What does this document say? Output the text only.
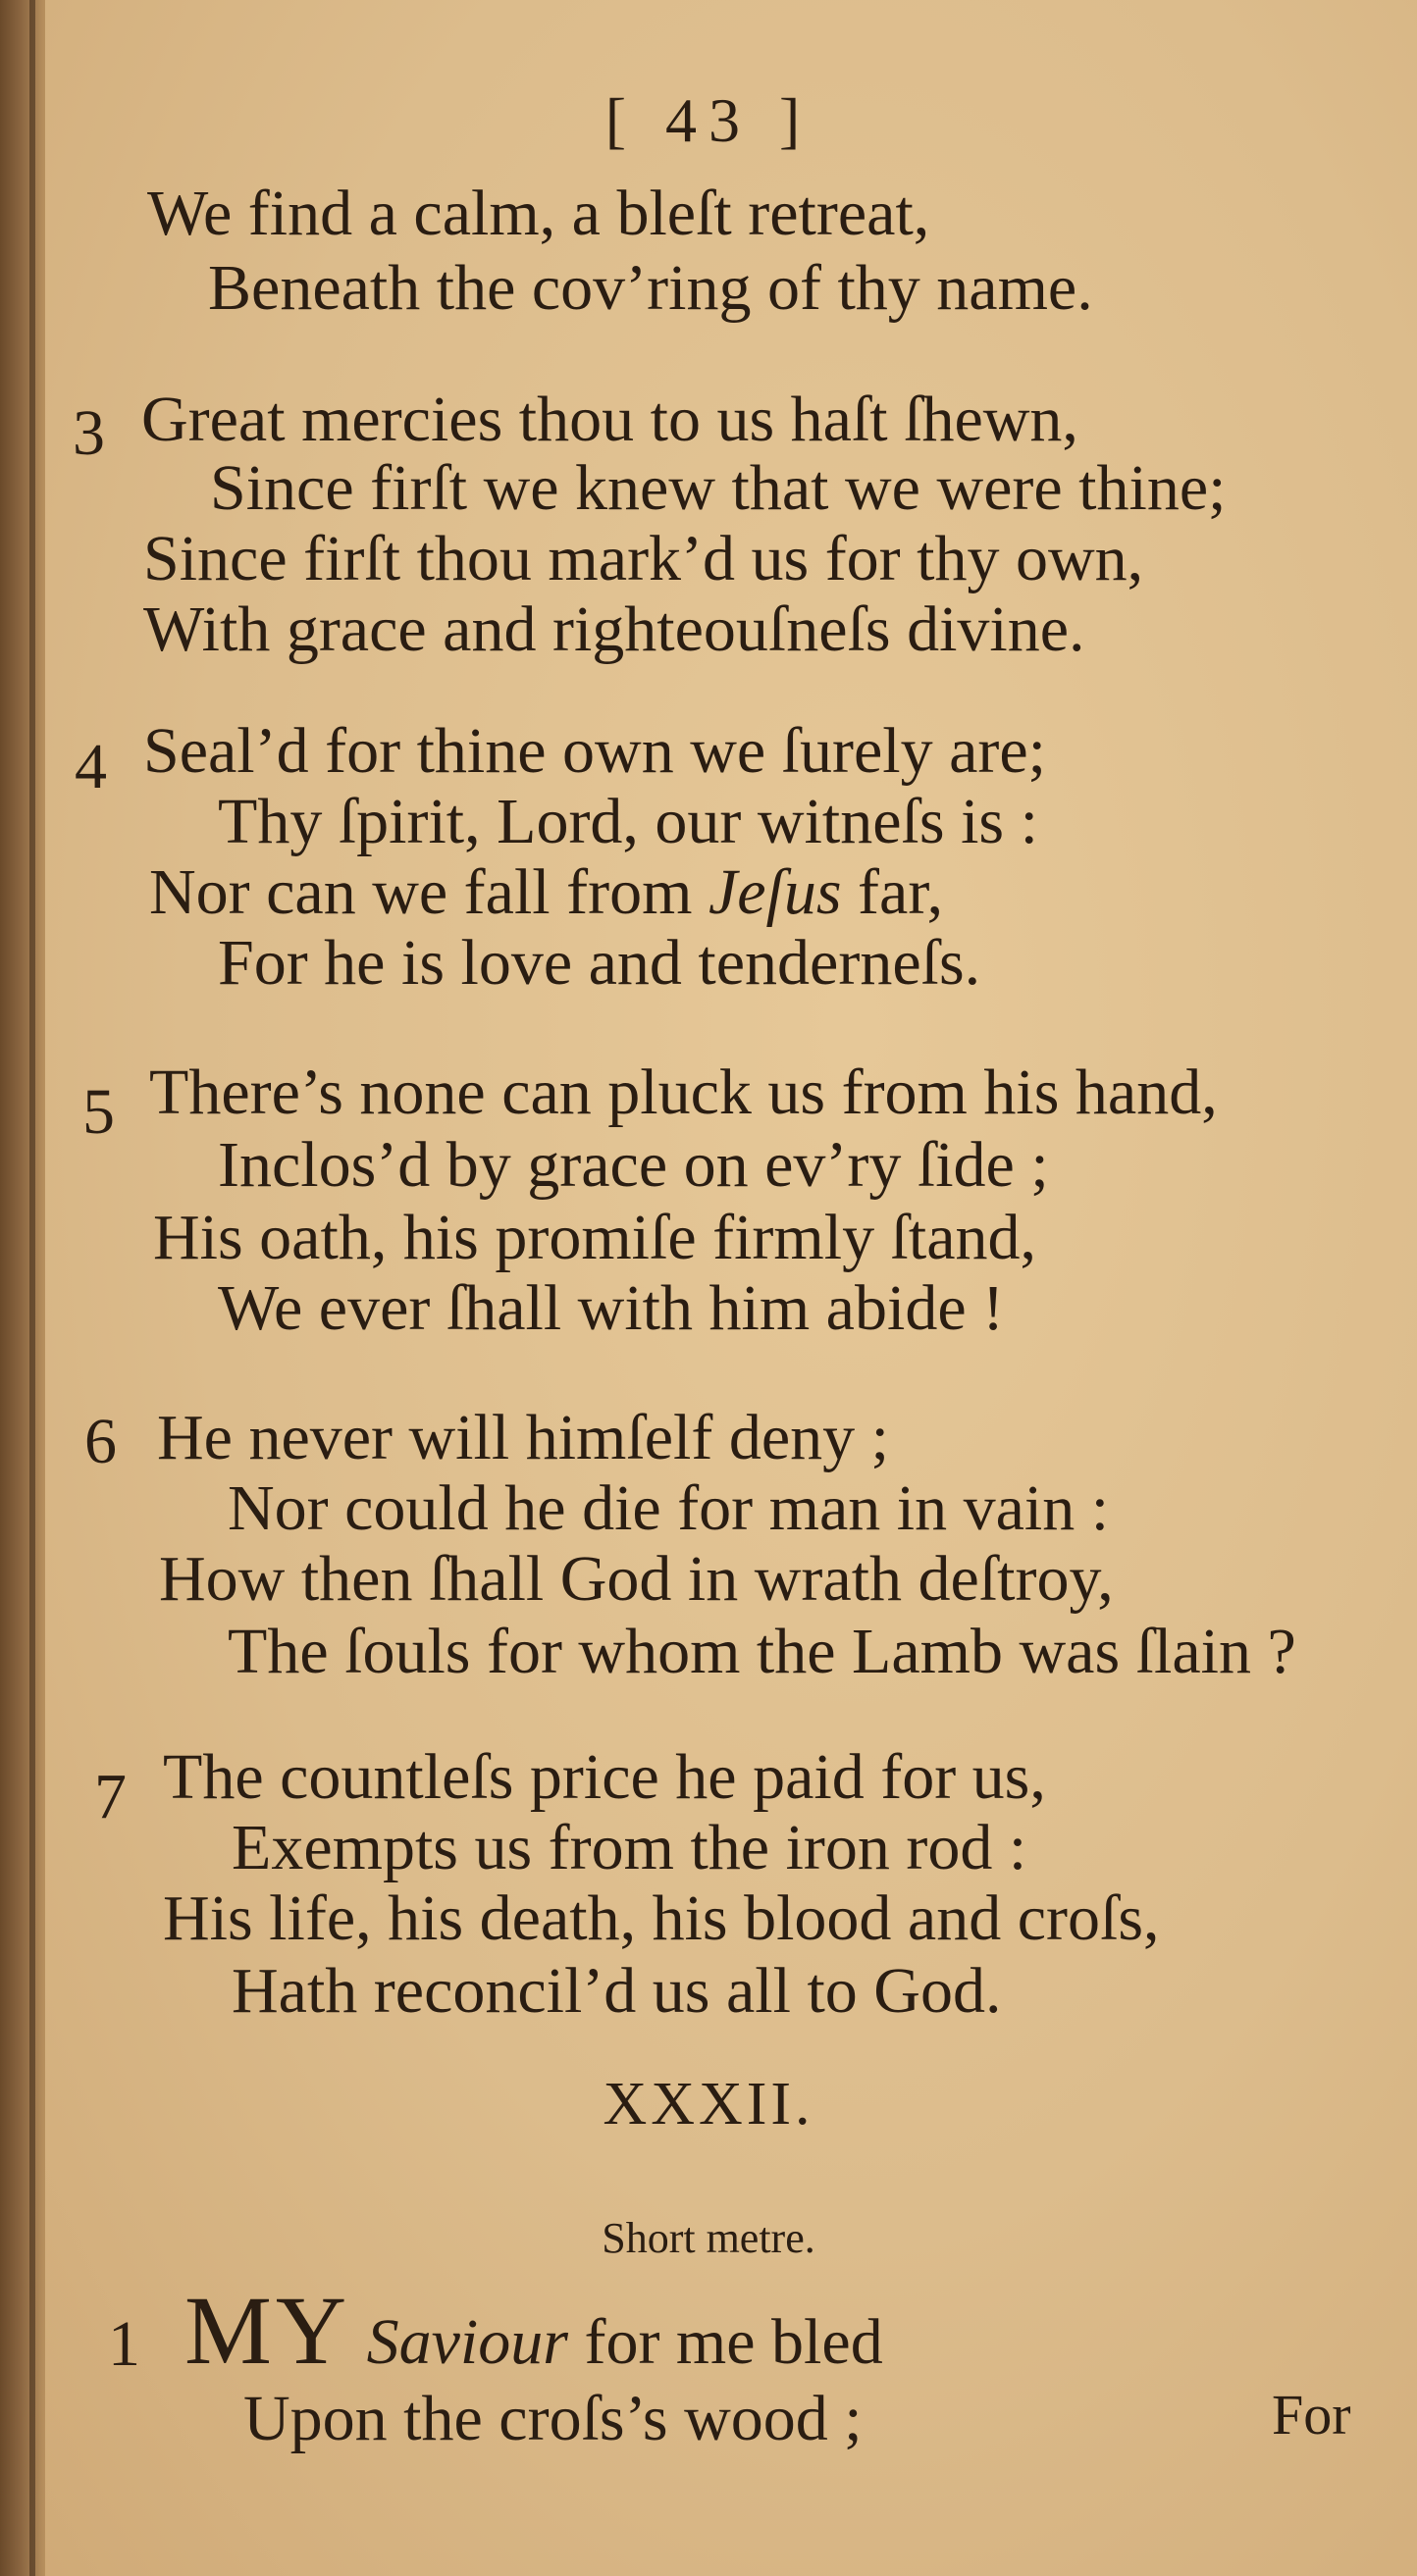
[ 43 ]
We find a calm, a bleſt retreat,
Beneath the cov’ring of thy name.
3 Great mercies thou to us haſt ſhewn,
Since firſt we knew that we were thine;
Since firſt thou mark’d us for thy own,
With grace and righteouſneſs divine.
4 Seal’d for thine own we ſurely are;
Thy ſpirit, Lord, our witneſs is :
Nor can we fall from Jeſus far,
For he is love and tenderneſs.
5 There’s none can pluck us from his hand,
Inclos’d by grace on ev’ry ſide ;
His oath, his promiſe firmly ſtand,
We ever ſhall with him abide !
6 He never will himſelf deny ;
Nor could he die for man in vain :
How then ſhall God in wrath deſtroy,
The ſouls for whom the Lamb was ſlain ?
7 The countleſs price he paid for us,
Exempts us from the iron rod :
His life, his death, his blood and croſs,
Hath reconcil’d us all to God.
XXXII.
Short metre.
1 MY Saviour for me bled
Upon the croſs’s wood ;	For
